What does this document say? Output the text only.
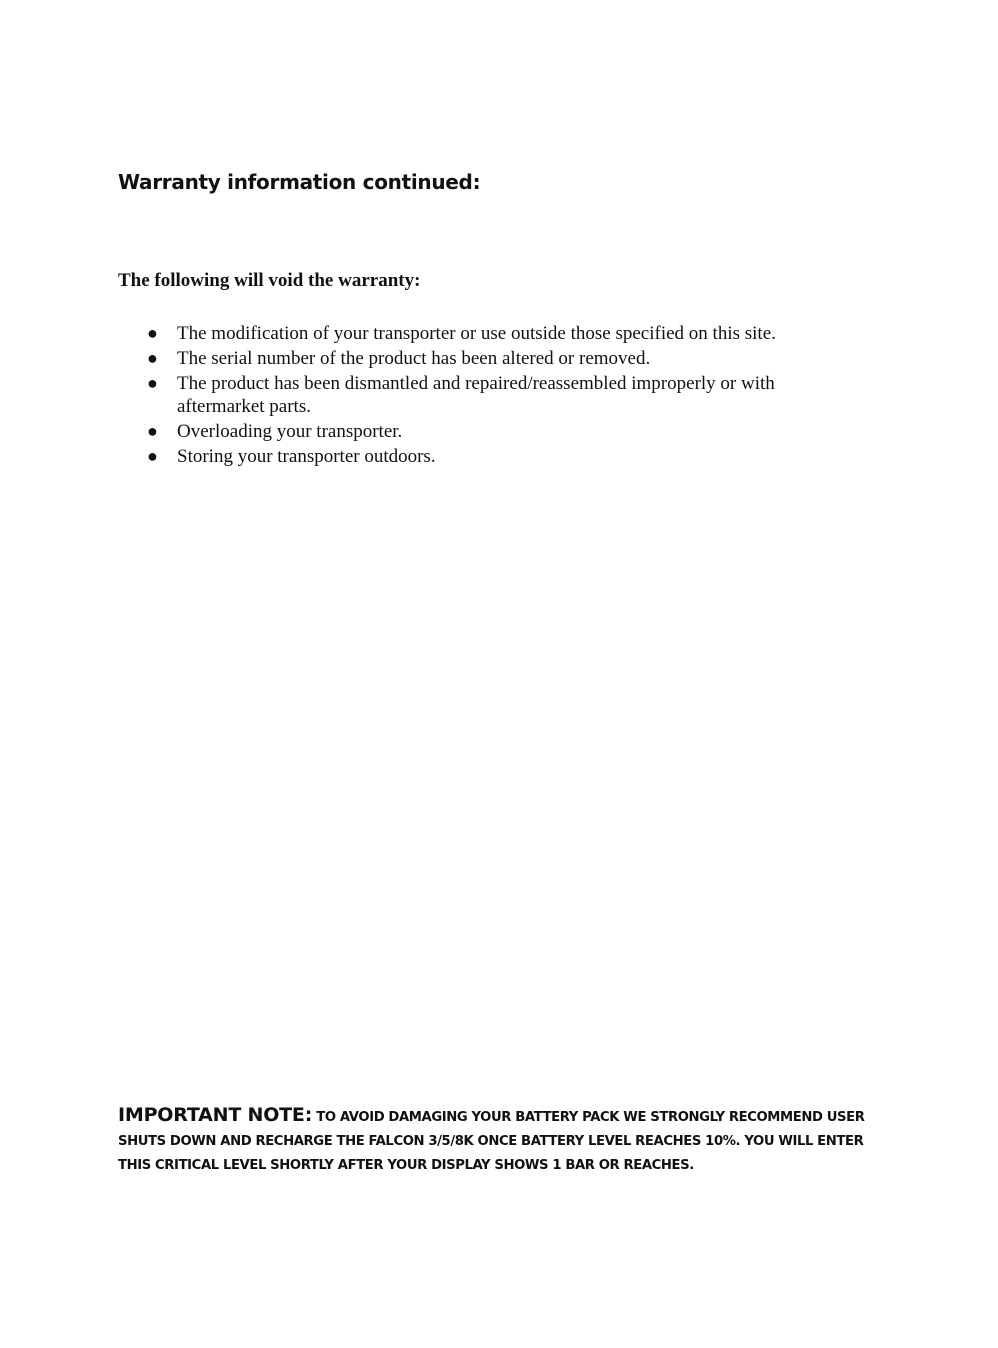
Warranty information continued:
The following will void the warranty:
● The modification of your transporter or use outside those specified on this site.
● The serial number of the product has been altered or removed.
● The product has been dismantled and repaired/reassembled improperly or with aftermarket parts.
● Overloading your transporter.
● Storing your transporter outdoors.

IMPORTANT NOTE: TO AVOID DAMAGING YOUR BATTERY PACK WE STRONGLY RECOMMEND USER SHUTS DOWN AND RECHARGE THE FALCON 3/5/8K ONCE BATTERY LEVEL REACHES 10%. YOU WILL ENTER THIS CRITICAL LEVEL SHORTLY AFTER YOUR DISPLAY SHOWS 1 BAR OR REACHES.
